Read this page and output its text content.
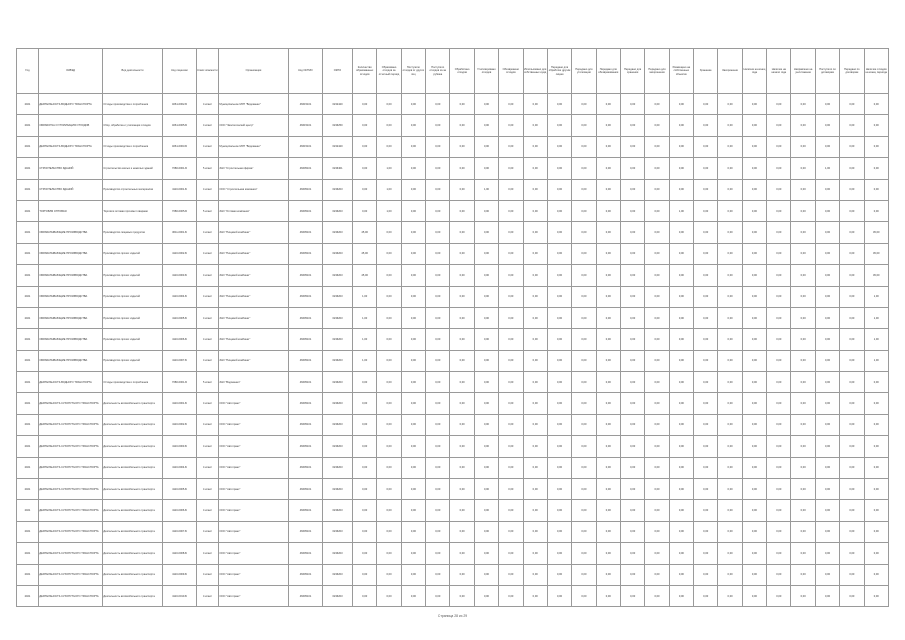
Год	ОКВЭД	Вид деятельности	Код лицензии	Класс опасности	Организация	Код ОКТМО	ОКПО	Количество образованных отходов	Образовано отходов за отчетный период	Поступило отходов от других лиц	Поступило отходов из-за рубежа	Обработано отходов	Утилизировано отходов	Обезврежено отходов	Использовано для собственных нужд	Передано для обработки другим лицам	Передано для утилизации	Передано для обезвреживания	Передано для хранения	Передано для захоронения	Размещено на собственных объектах	Хранение	Захоронение	Наличие на конец года	Наличие на начало года	Направлено на уничтожение	Поступило по договорам	Передано по договорам	Наличие отходов на конец периода
2021	ДЕЯТЕЛЬНОСТЬ ВОДНОГО ТРАНСПОРТА	Отходы производства и потребления	4061-0002-Б	4 класс	Муниципальное МУП "Водоканал"	46615101	0232420	0,00	0,00	0,00	0,00	0,00	0,00	0,00	0,00	0,00	0,00	0,00	0,00	0,00	0,00	0,00	0,00	0,00	0,00	0,00	0,00	0,00	0,00
2021	ОБРАБОТКА И УТИЛИЗАЦИЯ ОТХОДОВ	Сбор, обработка и утилизация отходов	4061-0005-Б	4 класс	ООО "Экологический центр"	46615101	0236250	0,00	0,00	0,00	0,00	0,00	0,00	0,00	0,00	0,00	0,00	0,00	0,00	0,00	0,00	0,00	0,00	0,00	0,00	0,00	0,00	0,00	0,00
2021	ДЕЯТЕЛЬНОСТЬ ВОДНОГО ТРАНСПОРТА	Отходы производства и потребления	4061-0003-Б	4 класс	Муниципальное МУП "Водоканал"	46615101	0232420	0,00	0,00	0,00	0,00	0,00	0,00	0,00	0,00	0,00	0,00	0,00	0,00	0,00	0,00	0,00	0,00	0,00	0,00	0,00	0,00	0,00	0,00
2021	СТРОИТЕЛЬСТВО ЗДАНИЙ	Строительство жилых и нежилых зданий	7080-0001-Б	5 класс	ЗАО "Строительная фирма"	46605101	0236401	0,00	1,00	0,00	0,00	0,00	0,00	0,00	0,00	0,00	0,00	0,00	0,00	0,00	0,00	0,00	0,00	0,00	0,00	0,00	1,00	0,00	0,00
2021	СТРОИТЕЛЬСТВО ЗДАНИЙ	Производство строительных материалов	4110-0001-Б	4 класс	ООО "Строительная компания"	46605101	0236203	0,00	1,00	0,00	0,00	0,00	1,00	0,00	0,00	0,00	0,00	0,00	0,00	0,00	0,00	0,00	0,00	0,00	0,00	0,00	0,00	0,00	0,00
2021	ТОРГОВЛЯ ОПТОВАЯ	Торговля оптовая прочими товарами	7080-0005-Б	5 класс	ЗАО "Оптовая компания"	46605101	0236203	0,00	1,00	0,00	0,00	0,00	0,00	0,00	0,00	0,00	0,00	0,00	0,00	0,00	1,00	0,00	0,00	0,00	0,00	0,00	0,00	0,00	0,00
2021	ОБРАБАТЫВАЮЩИЕ ПРОИЗВОДСТВА	Производство пищевых продуктов	3611-0001-Б	4 класс	ЗАО "Пищевой комбинат"	46605101	0236203	45,00	0,00	0,00	0,00	0,00	0,00	0,00	0,00	0,00	0,00	0,00	0,00	0,00	0,00	0,00	0,00	0,00	0,00	0,00	0,00	0,00	45,00
2021	ОБРАБАТЫВАЮЩИЕ ПРОИЗВОДСТВА	Производство прочих изделий	4110-0002-Б	4 класс	ЗАО "Пищевой комбинат"	46605101	0236203	45,00	0,00	0,00	0,00	0,00	0,00	0,00	0,00	0,00	0,00	0,00	0,00	0,00	0,00	0,00	0,00	0,00	0,00	0,00	0,00	0,00	45,00
2021	ОБРАБАТЫВАЮЩИЕ ПРОИЗВОДСТВА	Производство прочих изделий	4110-0003-Б	4 класс	ЗАО "Пищевой комбинат"	46605101	0236203	45,00	0,00	0,00	0,00	0,00	0,00	0,00	0,00	0,00	0,00	0,00	0,00	0,00	0,00	0,00	0,00	0,00	0,00	0,00	0,00	0,00	45,00
2021	ОБРАБАТЫВАЮЩИЕ ПРОИЗВОДСТВА	Производство прочих изделий	4110-0004-Б	4 класс	ЗАО "Пищевой комбинат"	46605101	0236203	1,00	0,00	0,00	0,00	0,00	0,00	0,00	0,00	0,00	0,00	0,00	0,00	0,00	0,00	0,00	0,00	0,00	0,00	0,00	0,00	0,00	1,00
2021	ОБРАБАТЫВАЮЩИЕ ПРОИЗВОДСТВА	Производство прочих изделий	4110-0005-Б	4 класс	ЗАО "Пищевой комбинат"	46605101	0236203	1,00	0,00	0,00	0,00	0,00	0,00	0,00	0,00	0,00	0,00	0,00	0,00	0,00	0,00	0,00	0,00	0,00	0,00	0,00	0,00	0,00	1,00
2021	ОБРАБАТЫВАЮЩИЕ ПРОИЗВОДСТВА	Производство прочих изделий	4110-0006-Б	4 класс	ЗАО "Пищевой комбинат"	46605101	0236203	1,00	0,00	0,00	0,00	0,00	0,00	0,00	0,00	0,00	0,00	0,00	0,00	0,00	0,00	0,00	0,00	0,00	0,00	0,00	0,00	0,00	1,00
2021	ОБРАБАТЫВАЮЩИЕ ПРОИЗВОДСТВА	Производство прочих изделий	4110-0007-Б	4 класс	ЗАО "Пищевой комбинат"	46605101	0236203	1,00	0,00	0,00	0,00	0,00	0,00	0,00	0,00	0,00	0,00	0,00	0,00	0,00	0,00	0,00	0,00	0,00	0,00	0,00	0,00	0,00	1,00
2021	ДЕЯТЕЛЬНОСТЬ ВОДНОГО ТРАНСПОРТА	Отходы производства и потребления	7080-0001-Б	5 класс	ЗАО "Водоканал"	46605101	0236203	0,00	0,00	0,00	0,00	0,00	0,00	0,00	0,00	0,00	0,00	0,00	0,00	0,00	0,00	0,00	0,00	0,00	0,00	0,00	0,00	0,00	0,00
2021	ДЕЯТЕЛЬНОСТЬ СУХОПУТНОГО ТРАНСПОРТА	Деятельность автомобильного транспорта	4110-0001-Б	4 класс	ООО "Автотранс"	46605101	0236203	0,00	0,00	0,00	0,00	0,00	0,00	0,00	0,00	0,00	0,00	0,00	0,00	0,00	0,00	0,00	0,00	0,00	0,00	0,00	0,00	0,00	0,00
2021	ДЕЯТЕЛЬНОСТЬ СУХОПУТНОГО ТРАНСПОРТА	Деятельность автомобильного транспорта	4110-0002-Б	4 класс	ООО "Автотранс"	46605101	0236203	0,00	0,00	0,00	0,00	0,00	0,00	0,00	0,00	0,00	0,00	0,00	0,00	0,00	0,00	0,00	0,00	0,00	0,00	0,00	0,00	0,00	0,00
2021	ДЕЯТЕЛЬНОСТЬ СУХОПУТНОГО ТРАНСПОРТА	Деятельность автомобильного транспорта	4110-0003-Б	4 класс	ООО "Автотранс"	46605101	0236203	0,00	0,00	0,00	0,00	0,00	0,00	0,00	0,00	0,00	0,00	0,00	0,00	0,00	0,00	0,00	0,00	0,00	0,00	0,00	0,00	0,00	0,00
2021	ДЕЯТЕЛЬНОСТЬ СУХОПУТНОГО ТРАНСПОРТА	Деятельность автомобильного транспорта	4110-0004-Б	4 класс	ООО "Автотранс"	46605101	0236203	0,00	0,00	0,00	0,00	0,00	0,00	0,00	0,00	0,00	0,00	0,00	0,00	0,00	0,00	0,00	0,00	0,00	0,00	0,00	0,00	0,00	0,00
2021	ДЕЯТЕЛЬНОСТЬ СУХОПУТНОГО ТРАНСПОРТА	Деятельность автомобильного транспорта	4110-0005-Б	4 класс	ООО "Автотранс"	46605101	0236203	0,00	0,00	0,00	0,00	0,00	0,00	0,00	0,00	0,00	0,00	0,00	0,00	0,00	0,00	0,00	0,00	0,00	0,00	0,00	0,00	0,00	0,00
2021	ДЕЯТЕЛЬНОСТЬ СУХОПУТНОГО ТРАНСПОРТА	Деятельность автомобильного транспорта	4110-0006-Б	4 класс	ООО "Автотранс"	46605101	0236203	0,00	0,00	0,00	0,00	0,00	0,00	0,00	0,00	0,00	0,00	0,00	0,00	0,00	0,00	0,00	0,00	0,00	0,00	0,00	0,00	0,00	0,00
2021	ДЕЯТЕЛЬНОСТЬ СУХОПУТНОГО ТРАНСПОРТА	Деятельность автомобильного транспорта	4110-0007-Б	4 класс	ООО "Автотранс"	46605101	0236203	0,00	0,00	0,00	0,00	0,00	0,00	0,00	0,00	0,00	0,00	0,00	0,00	0,00	0,00	0,00	0,00	0,00	0,00	0,00	0,00	0,00	0,00
2021	ДЕЯТЕЛЬНОСТЬ СУХОПУТНОГО ТРАНСПОРТА	Деятельность автомобильного транспорта	4110-0008-Б	4 класс	ООО "Автотранс"	46605101	0236203	0,00	0,00	0,00	0,00	0,00	0,00	0,00	0,00	0,00	0,00	0,00	0,00	0,00	0,00	0,00	0,00	0,00	0,00	0,00	0,00	0,00	0,00
2021	ДЕЯТЕЛЬНОСТЬ СУХОПУТНОГО ТРАНСПОРТА	Деятельность автомобильного транспорта	4110-0009-Б	4 класс	ООО "Автотранс"	46605101	0236203	0,00	0,00	0,00	0,00	0,00	0,00	0,00	0,00	0,00	0,00	0,00	0,00	0,00	0,00	0,00	0,00	0,00	0,00	0,00	0,00	0,00	0,00
2021	ДЕЯТЕЛЬНОСТЬ СУХОПУТНОГО ТРАНСПОРТА	Деятельность автомобильного транспорта	4110-0010-Б	4 класс	ООО "Автотранс"	46605101	0236203	0,00	0,00	0,00	0,00	0,00	0,00	0,00	0,00	0,00	0,00	0,00	0,00	0,00	0,00	0,00	0,00	0,00	0,00	0,00	0,00	0,00	0,00
Страница 28 из 29
